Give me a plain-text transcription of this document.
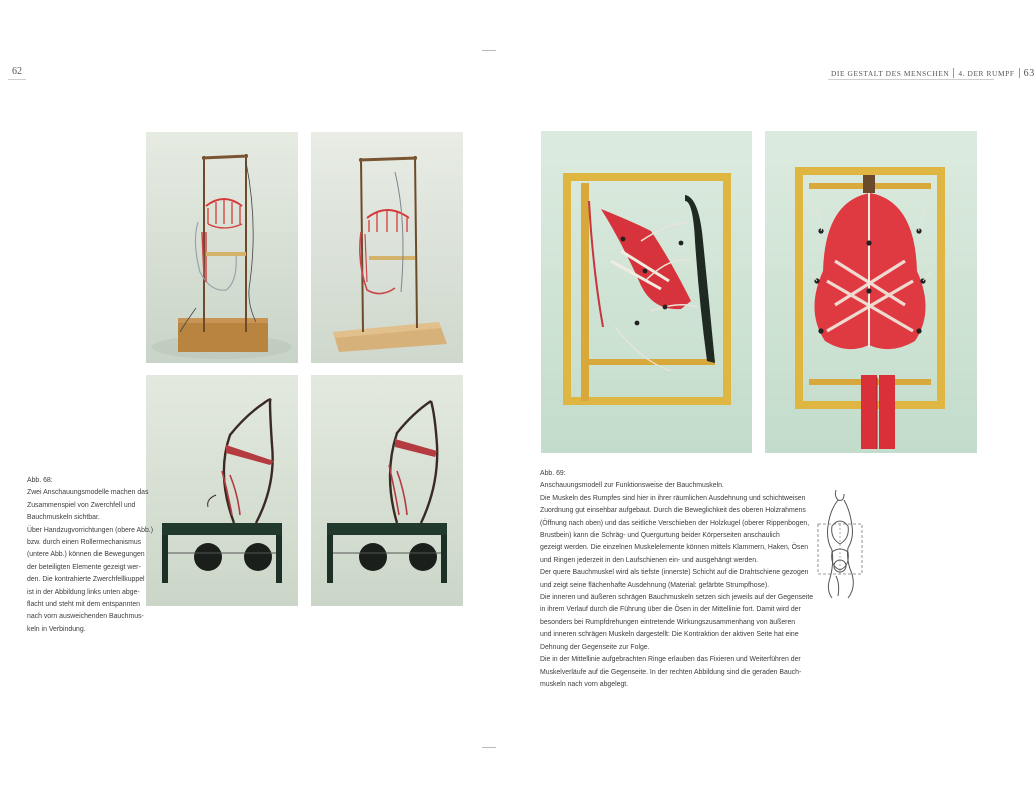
62	DIE GESTALT DES MENSCHEN 4. DER RUMPF 63
Abb. 68:
Zwei Anschauungsmodelle machen das
Zusammenspiel von Zwerchfell und
Bauchmuskeln sichtbar.
Über Handzugvorrichtungen (obere Abb.)
bzw. durch einen Rollermechanismus
(untere Abb.) können die Bewegungen
der beteiligten Elemente gezeigt wer-
den. Die kontrahierte Zwerchfellkuppel
ist in der Abbildung links unten abge-
flacht und steht mit dem entspannten
nach vorn ausweichenden Bauchmus-
keln in Verbindung.
Abb. 69:
Anschauungsmodell zur Funktionsweise der Bauchmuskeln.
Die Muskeln des Rumpfes sind hier in ihrer räumlichen Ausdehnung und schichtweisen
Zuordnung gut einsehbar aufgebaut. Durch die Beweglichkeit des oberen Holzrahmens
(Öffnung nach oben) und das seitliche Verschieben der Holzkugel (oberer Rippenbogen,
Brustbein) kann die Schräg- und Quergurtung beider Körperseiten anschaulich
gezeigt werden. Die einzelnen Muskelelemente können mittels Klammern, Haken, Ösen
und Ringen jederzeit in den Laufschienen ein- und ausgehängt werden.
Der quere Bauchmuskel wird als tiefste (innerste) Schicht auf die Drahtschiene gezogen
und zeigt seine flächenhafte Ausdehnung (Material: gefärbte Strumpfhose).
Die inneren und äußeren schrägen Bauchmuskeln setzen sich jeweils auf der Gegenseite
in ihrem Verlauf durch die Führung über die Ösen in der Mittellinie fort. Damit wird der
besonders bei Rumpfdrehungen eintretende Wirkungszusammenhang von äußeren
und inneren schrägen Muskeln dargestellt: Die Kontraktion der aktiven Seite hat eine
Dehnung der Gegenseite zur Folge.
Die in der Mittellinie aufgebrachten Ringe erlauben das Fixieren und Weiterführen der
Muskelverläufe auf die Gegenseite. In der rechten Abbildung sind die geraden Bauch-
muskeln nach vorn abgelegt.
